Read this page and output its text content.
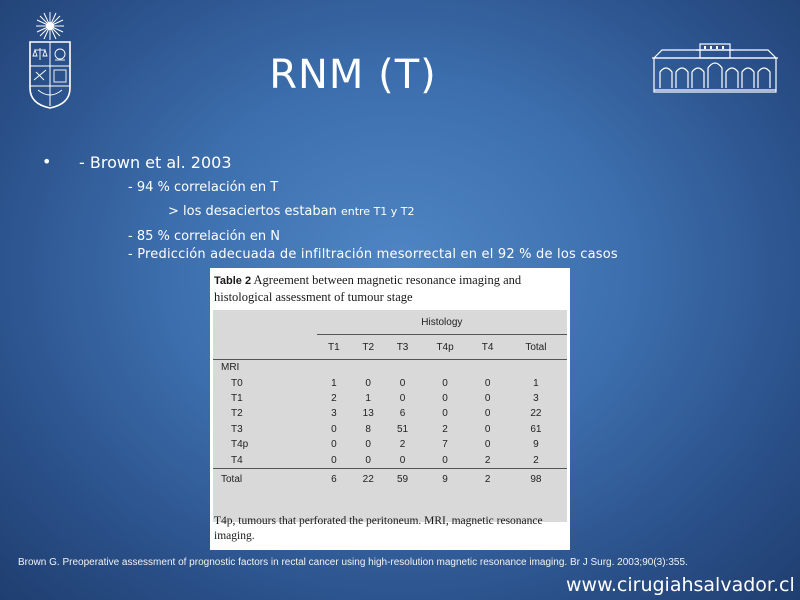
RNM (T)
• - Brown et al. 2003
- 94 % correlación en T
> los desaciertos estaban entre T1 y T2
- 85 % correlación en N
- Predicción adecuada de infiltración mesorrectal en el 92 % de los casos
Table 2 Agreement between magnetic resonance imaging and histological assessment of tumour stage
	Histology					
	T1	T2	T3	T4p	T4	Total
MRI						
T0	1	0	0	0	0	1
T1	2	1	0	0	0	3
T2	3	13	6	0	0	22
T3	0	8	51	2	0	61
T4p	0	0	2	7	0	9
T4	0	0	0	0	2	2
Total	6	22	59	9	2	98
T4p, tumours that perforated the peritoneum. MRI, magnetic resonance imaging.
Brown G. Preoperative assessment of prognostic factors in rectal cancer using high-resolution magnetic resonance imaging. Br J Surg. 2003;90(3):355.
www.cirugiahsalvador.cl
